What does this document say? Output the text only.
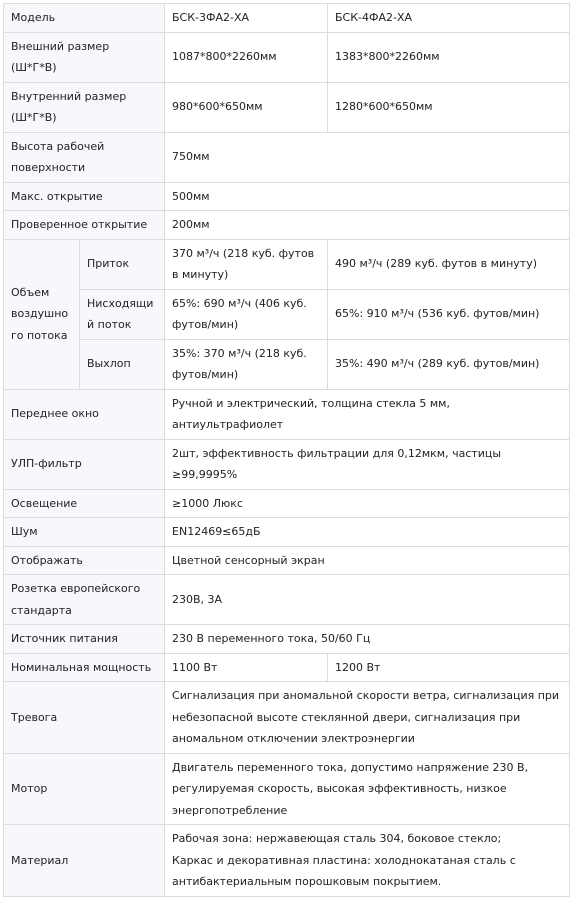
Модель		БСК-3ФА2-ХА	БСК-4ФА2-ХА
Внешний размер (Ш*Г*В)		1087*800*2260мм	1383*800*2260мм
Внутренний размер (Ш*Г*В)		980*600*650мм	1280*600*650мм
Высота рабочей поверхности		750мм	
Макс. открытие		500мм	
Проверенное открытие		200мм	
Объем воздушного потока	Приток	370 м³/ч (218 куб. футов в минуту)	490 м³/ч (289 куб. футов в минуту)
	Нисходящий поток	65%: 690 м³/ч (406 куб. футов/мин)	65%: 910 м³/ч (536 куб. футов/мин)
	Выхлоп	35%: 370 м³/ч (218 куб. футов/мин)	35%: 490 м³/ч (289 куб. футов/мин)
Переднее окно		Ручной и электрический, толщина стекла 5 мм, антиультрафиолет	
УЛП-фильтр		2шт, эффективность фильтрации для 0,12мкм, частицы ≥99,9995%	
Освещение		≥1000 Люкс	
Шум		EN12469≤65дБ	
Отображать		Цветной сенсорный экран	
Розетка европейского стандарта		230В, 3А	
Источник питания		230 В переменного тока, 50/60 Гц	
Номинальная мощность		1100 Вт	1200 Вт
Тревога		Сигнализация при аномальной скорости ветра, сигнализация при небезопасной высоте стеклянной двери, сигнализация при аномальном отключении электроэнергии	
Мотор		Двигатель переменного тока, допустимо напряжение 230 В, регулируемая скорость, высокая эффективность, низкое энергопотребление	
Материал		Рабочая зона: нержавеющая сталь 304, боковое стекло;
Каркас и декоративная пластина: холоднокатаная сталь с антибактериальным порошковым покрытием.	
